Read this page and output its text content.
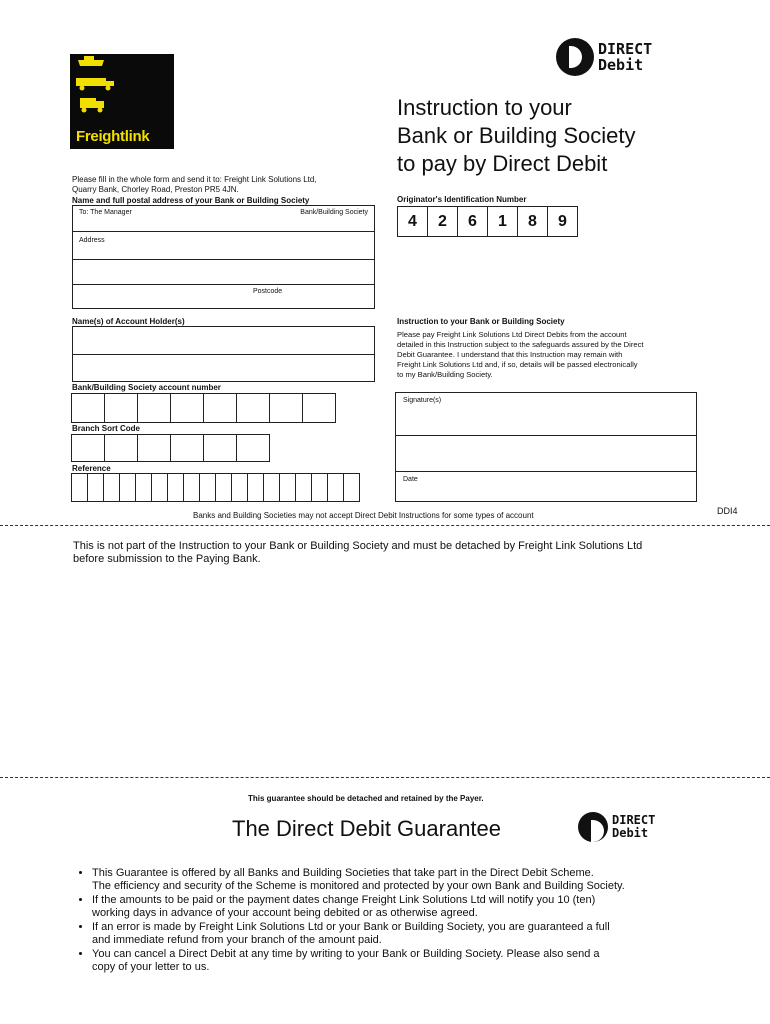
Freightlink
DIRECT
Debit
Instruction to your
Bank or Building Society
to pay by Direct Debit
Please fill in the whole form and send it to: Freight Link Solutions Ltd,
Quarry Bank, Chorley Road, Preston PR5 4JN.
Name and full postal address of your Bank or Building Society
To: The Manager	Bank/Building Society
Address
Postcode
Originator's Identification Number
4	2	6	1	8	9
Name(s) of Account Holder(s)
Bank/Building Society account number
Branch Sort Code
Reference
Instruction to your Bank or Building Society
Please pay Freight Link Solutions Ltd Direct Debits from the account
detailed in this Instruction subject to the safeguards assured by the Direct
Debit Guarantee. I understand that this Instruction may remain with
Freight Link Solutions Ltd and, if so, details will be passed electronically
to my Bank/Building Society.
Signature(s)
Date
DDI4
Banks and Building Societies may not accept Direct Debit Instructions for some types of account
This is not part of the Instruction to your Bank or Building Society and must be detached by Freight Link Solutions Ltd
before submission to the Paying Bank.
This guarantee should be detached and retained by the Payer.
The Direct Debit Guarantee	DIRECT
Debit
• This Guarantee is offered by all Banks and Building Societies that take part in the Direct Debit Scheme.
The efficiency and security of the Scheme is monitored and protected by your own Bank and Building Society.
• If the amounts to be paid or the payment dates change Freight Link Solutions Ltd will notify you 10 (ten)
working days in advance of your account being debited or as otherwise agreed.
• If an error is made by Freight Link Solutions Ltd or your Bank or Building Society, you are guaranteed a full
and immediate refund from your branch of the amount paid.
• You can cancel a Direct Debit at any time by writing to your Bank or Building Society. Please also send a
copy of your letter to us.
